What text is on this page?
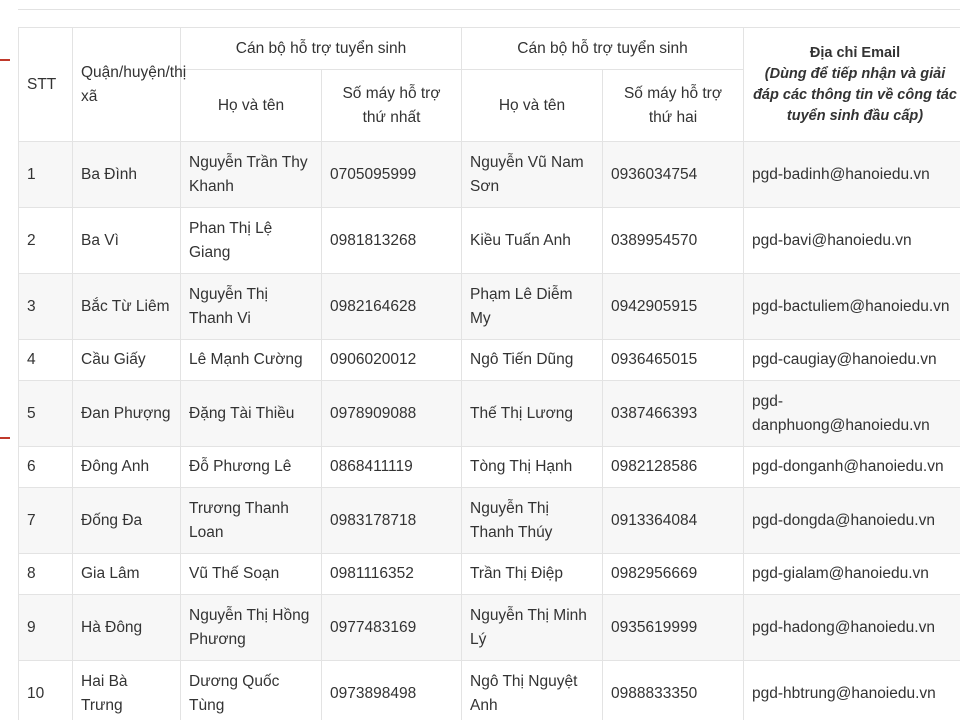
STT	Quận/huyện/thị xã	Cán bộ hỗ trợ tuyển sinh		Cán bộ hỗ trợ tuyển sinh		Địa chỉ Email
(Dùng để tiếp nhận và giải đáp các thông tin về công tác tuyển sinh đầu cấp)

		Họ và tên	Số máy hỗ trợ thứ nhất	Họ và tên	Số máy hỗ trợ thứ hai	
1	Ba Đình	Nguyễn Trần Thy Khanh	0705095999	Nguyễn Vũ Nam Sơn	0936034754	pgd-badinh@hanoiedu.vn
2	Ba Vì	Phan Thị Lệ Giang	0981813268	Kiều Tuấn Anh	0389954570	pgd-bavi@hanoiedu.vn
3	Bắc Từ Liêm	Nguyễn Thị Thanh Vi	0982164628	Phạm Lê Diễm My	0942905915	pgd-bactuliem@hanoiedu.vn
4	Cầu Giấy	Lê Mạnh Cường	0906020012	Ngô Tiến Dũng	0936465015	pgd-caugiay@hanoiedu.vn
5	Đan Phượng	Đặng Tài Thiều	0978909088	Thế Thị Lương	0387466393	pgd-danphuong@hanoiedu.vn
6	Đông Anh	Đỗ Phương Lê	0868411119	Tòng Thị Hạnh	0982128586	pgd-donganh@hanoiedu.vn
7	Đống Đa	Trương Thanh Loan	0983178718	Nguyễn Thị Thanh Thúy	0913364084	pgd-dongda@hanoiedu.vn
8	Gia Lâm	Vũ Thế Soạn	0981116352	Trần Thị Điệp	0982956669	pgd-gialam@hanoiedu.vn
9	Hà Đông	Nguyễn Thị Hồng Phương	0977483169	Nguyễn Thị Minh Lý	0935619999	pgd-hadong@hanoiedu.vn
10	Hai Bà Trưng	Dương Quốc Tùng	0973898498	Ngô Thị Nguyệt Anh	0988833350	pgd-hbtrung@hanoiedu.vn
